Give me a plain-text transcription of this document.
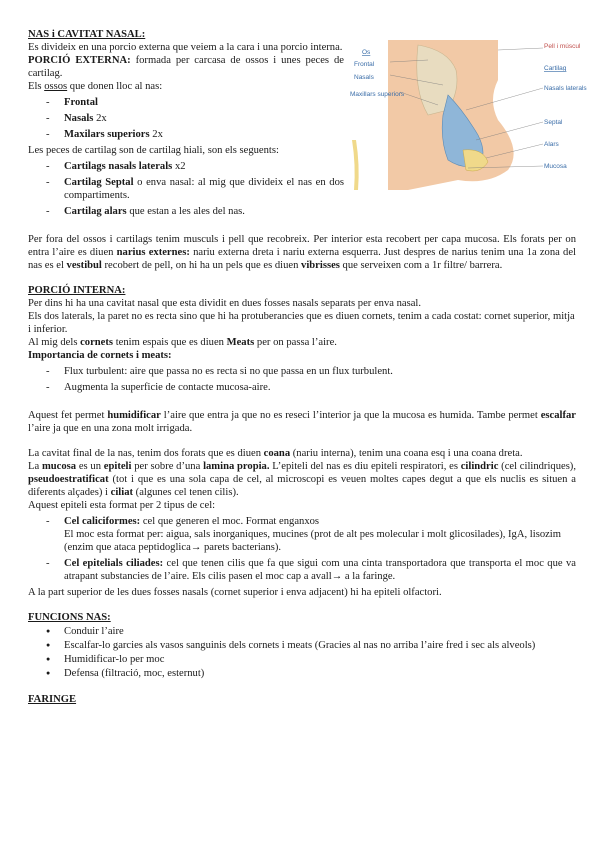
NAS i CAVITAT NASAL:

Es divideix en una porcio externa que veiem a la cara i una porcio interna.

PORCIÓ EXTERNA: formada per carcasa de ossos i unes peces de cartilag.

Els ossos que donen lloc al nas:

- Frontal

- Nasals 2x

- Maxilars superiors 2x

Les peces de cartilag son de cartilag hiali, son els seguents:

- Cartilags nasals laterals x2

- Cartilag Septal o enva nasal: al mig que divideix el nas en dos compartiments.

- Cartilag alars que estan a les ales del nas.

Os
Frontal
Nasals
Maxillars superiors
Pell i múscul
Cartilag
Nasals laterals
Septal
Alars
Mucosa

Per fora del ossos i cartilags tenim musculs i pell que recobreix. Per interior esta recobert per capa mucosa. Els forats per on entra l’aire es diuen narius externes: nariu externa dreta i nariu externa esquerra. Just despres de narius tenim una 1a zona del nas es el vestibul recobert de pell, on hi ha un pels que es diuen vibrisses que serveixen com a 1r filtre/ barrera.

PORCIÓ INTERNA:

Per dins hi ha una cavitat nasal que esta dividit en dues fosses nasals separats per enva nasal.

Els dos laterals, la paret no es recta sino que hi ha protuberancies que es diuen cornets, tenim a cada costat: cornet superior, mitja i inferior.

Al mig dels cornets tenim espais que es diuen Meats per on passa l’aire.

Importancia de cornets i meats:

- Flux turbulent: aire que passa no es recta si no que passa en un flux turbulent.

- Augmenta la superficie de contacte mucosa-aire.

Aquest fet permet humidificar l’aire que entra ja que no es reseci l’interior ja que la mucosa es humida. Tambe permet escalfar l’aire ja que en una zona molt irrigada.

La cavitat final de la nas, tenim dos forats que es diuen coana (nariu interna), tenim una coana esq i una coana dreta.

La mucosa es un epiteli per sobre d’una lamina propia. L’epiteli del nas es diu epiteli respiratori, es cilindric (cel cilindriques), pseudoestratificat (tot i que es una sola capa de cel, al microscopi es veuen moltes capes degut a que els nuclis es situen a diferents alçades) i ciliat (algunes cel tenen cilis).

Aquest epiteli esta format per 2 tipus de cel:

- Cel caliciformes: cel que generen el moc. Format enganxos
El moc esta format per: aigua, sals inorganiques, mucines (prot de alt pes molecular i molt glicosilades), IgA, lisozim (enzim que ataca peptidoglica→ parets bacterians).

- Cel epitelials ciliades: cel que tenen cilis que fa que sigui com una cinta transportadora que transporta el moc que va atrapant substancies de l’aire. Els cilis pasen el moc cap a avall→ a la faringe.

A la part superior de les dues fosses nasals (cornet superior i enva adjacent) hi ha epiteli olfactori.

FUNCIONS NAS:

● Conduir l’aire

● Escalfar-lo garcies als vasos sanguinis dels cornets i meats (Gracies al nas no arriba l’aire fred i sec als alveols)

● Humidificar-lo per moc

● Defensa (filtració, moc, esternut)

FARINGE
